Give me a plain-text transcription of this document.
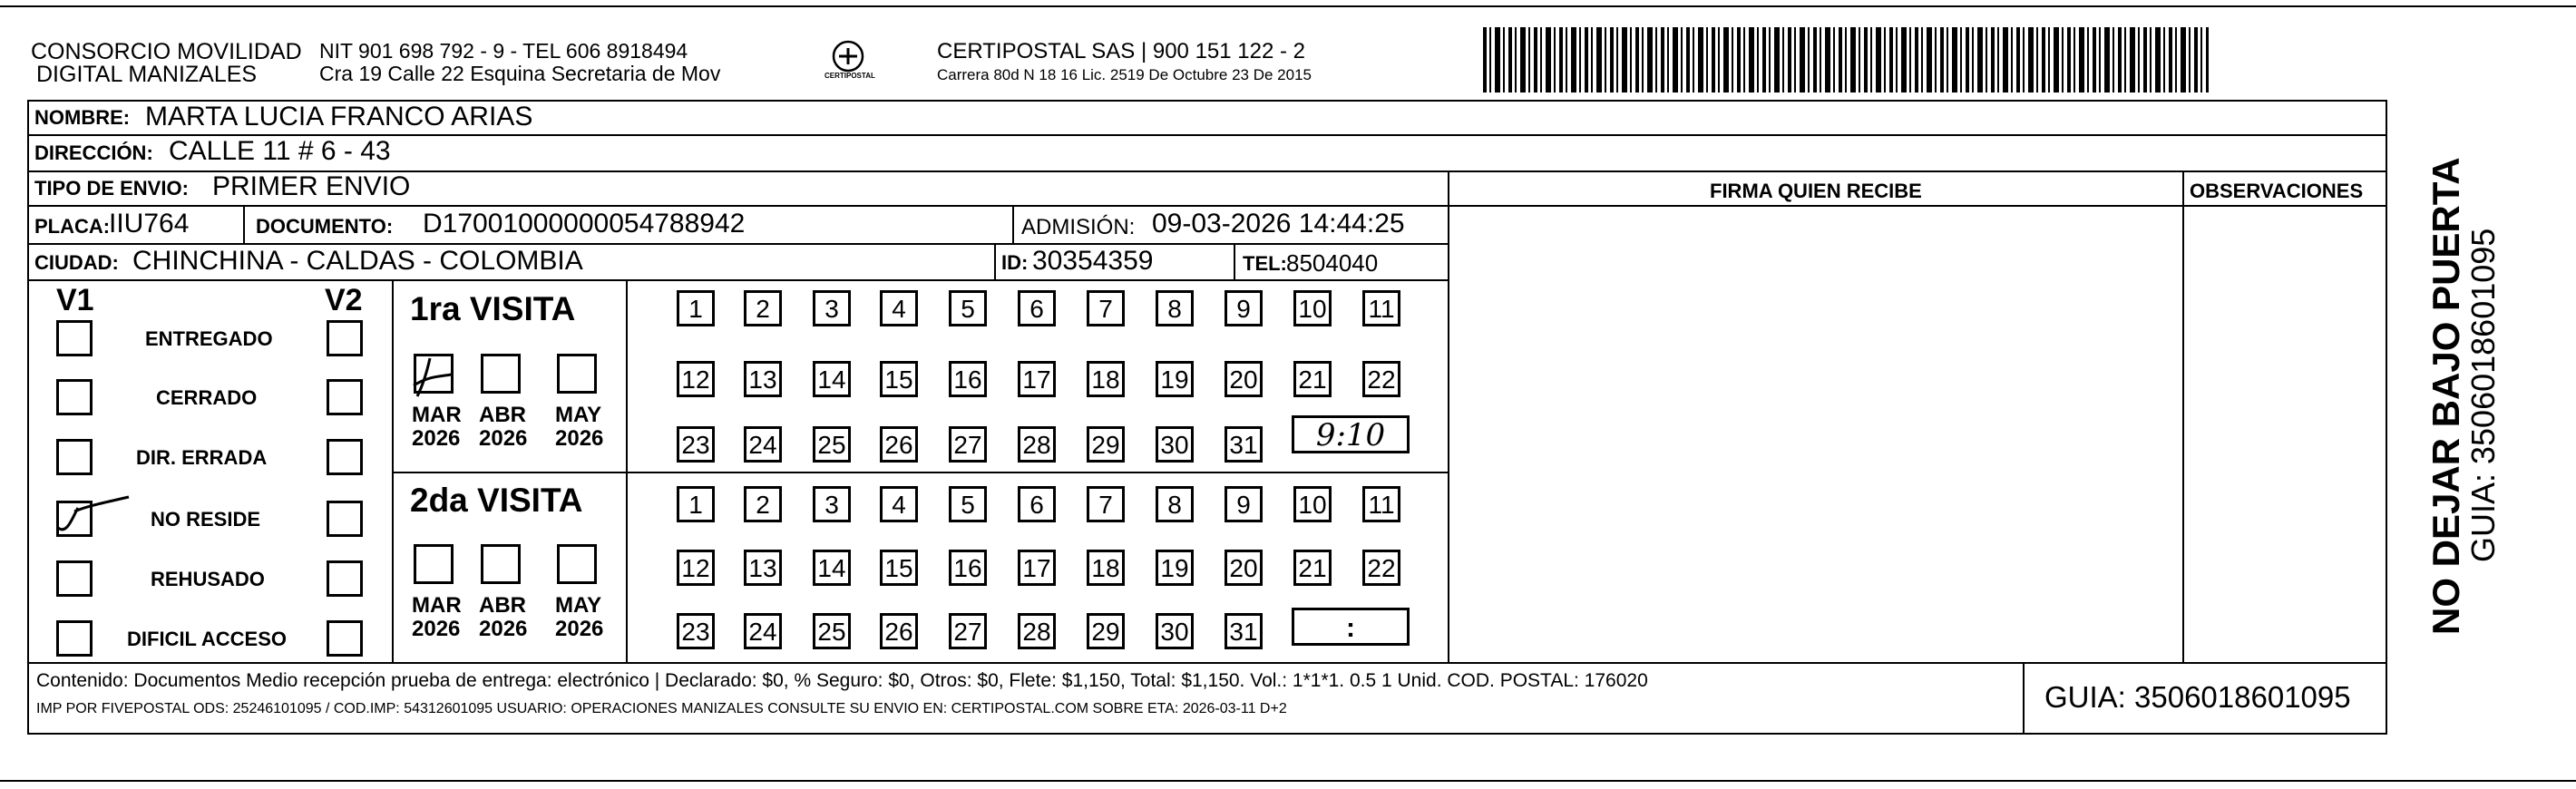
CONSORCIO MOVILIDAD
DIGITAL MANIZALES
NIT 901 698 792 - 9 - TEL 606 8918494
Cra 19 Calle 22 Esquina Secretaria de Mov	CERTIPOSTAL
CERTIPOSTAL SAS | 900 151 122 - 2
Carrera 80d N 18 16 Lic. 2519 De Octubre 23 De 2015
NOMBRE: MARTA LUCIA FRANCO ARIAS
DIRECCIÓN: CALLE 11 # 6 - 43
TIPO DE ENVIO: PRIMER ENVIO
PLACA:
IIU764	DOCUMENTO: D17001000000054788942	ADMISIÓN: 09-03-2026 14:44:25
CIUDAD: CHINCHINA - CALDAS - COLOMBIA	ID: 30354359	TEL: 8504040
FIRMA QUIEN RECIBE	OBSERVACIONES
V1	V2
ENTREGADO
CERRADO
DIR. ERRADA
NO RESIDE
REHUSADO
DIFICIL ACCESO
1ra VISITA
2da VISITA
MAR
2026
ABR
2026
MAY
2026
MAR
2026
ABR
2026
MAY
2026
1	2	3	4	5	6	7	8	9	10 11
12 13 14 15 16 17 18 19 20 21 22
23 24 25 26 27 28 29 30 31
1	2	3	4	5	6	7	8	9	10 11
12 13 14 15 16 17 18 19 20 21 22
23 24 25 26 27 28 29 30 31
9:10
:
Contenido: Documentos Medio recepción prueba de entrega: electrónico | Declarado: $0, % Seguro: $0, Otros: $0, Flete: $1,150, Total: $1,150. Vol.: 1*1*1. 0.5 1 Unid. COD. POSTAL: 176020
IMP POR FIVEPOSTAL ODS: 25246101095 / COD.IMP: 54312601095 USUARIO: OPERACIONES MANIZALES CONSULTE SU ENVIO EN: CERTIPOSTAL.COM SOBRE ETA: 2026-03-11 D+2	GUIA: 3506018601095
NO DEJAR BAJO PUERTA
GUIA: 3506018601095
